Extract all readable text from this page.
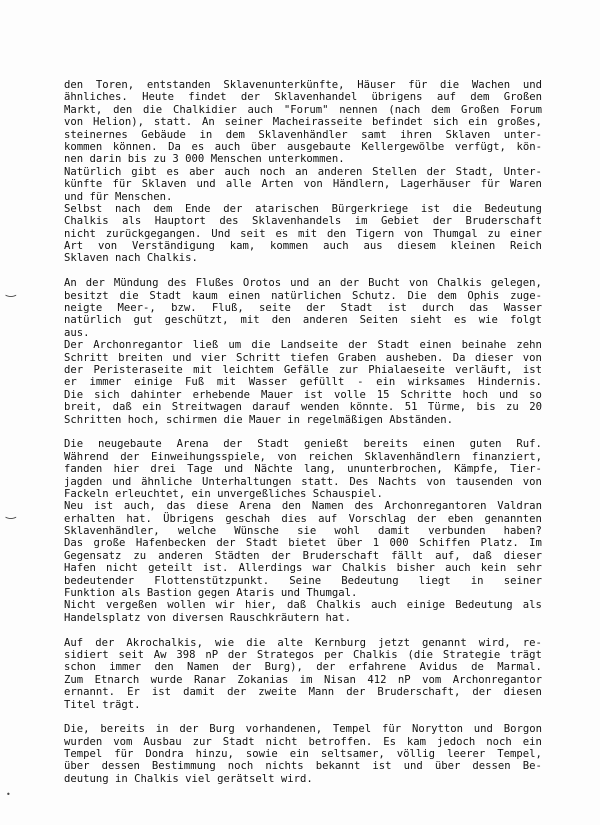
den Toren, entstanden Sklavenunterkünfte, Häuser für die Wachen und
ähnliches. Heute findet der Sklavenhandel übrigens auf dem Großen
Markt, den die Chalkidier auch "Forum" nennen (nach dem Großen Forum
von Helion), statt. An seiner Macheirasseite befindet sich ein großes,
steinernes Gebäude in dem Sklavenhändler samt ihren Sklaven unter-
kommen können. Da es auch über ausgebaute Kellergewölbe verfügt, kön-
nen darin bis zu 3 000 Menschen unterkommen.
Natürlich gibt es aber auch noch an anderen Stellen der Stadt, Unter-
künfte für Sklaven und alle Arten von Händlern, Lagerhäuser für Waren
und für Menschen.
Selbst nach dem Ende der atarischen Bürgerkriege ist die Bedeutung
Chalkis als Hauptort des Sklavenhandels im Gebiet der Bruderschaft
nicht zurückgegangen. Und seit es mit den Tigern von Thumgal zu einer
Art von Verständigung kam, kommen auch aus diesem kleinen Reich
Sklaven nach Chalkis.
An der Mündung des Flußes Orotos und an der Bucht von Chalkis gelegen,
besitzt die Stadt kaum einen natürlichen Schutz. Die dem Ophis zuge-
neigte Meer-, bzw. Fluß, seite der Stadt ist durch das Wasser
natürlich gut geschützt, mit den anderen Seiten sieht es wie folgt
aus.
Der Archonregantor ließ um die Landseite der Stadt einen beinahe zehn
Schritt breiten und vier Schritt tiefen Graben ausheben. Da dieser von
der Peristeraseite mit leichtem Gefälle zur Phialaeseite verläuft, ist
er immer einige Fuß mit Wasser gefüllt - ein wirksames Hindernis.
Die sich dahinter erhebende Mauer ist volle 15 Schritte hoch und so
breit, daß ein Streitwagen darauf wenden könnte. 51 Türme, bis zu 20
Schritten hoch, schirmen die Mauer in regelmäßigen Abständen.
Die neugebaute Arena der Stadt genießt bereits einen guten Ruf.
Während der Einweihungsspiele, von reichen Sklavenhändlern finanziert,
fanden hier drei Tage und Nächte lang, ununterbrochen, Kämpfe, Tier-
jagden und ähnliche Unterhaltungen statt. Des Nachts von tausenden von
Fackeln erleuchtet, ein unvergeßliches Schauspiel.
Neu ist auch, das diese Arena den Namen des Archonregantoren Valdran
erhalten hat. Übrigens geschah dies auf Vorschlag der eben genannten
Sklavenhändler, welche Wünsche sie wohl damit verbunden haben?
Das große Hafenbecken der Stadt bietet über 1 000 Schiffen Platz. Im
Gegensatz zu anderen Städten der Bruderschaft fällt auf, daß dieser
Hafen nicht geteilt ist. Allerdings war Chalkis bisher auch kein sehr
bedeutender Flottenstützpunkt. Seine Bedeutung liegt in seiner
Funktion als Bastion gegen Ataris und Thumgal.
Nicht vergeßen wollen wir hier, daß Chalkis auch einige Bedeutung als
Handelsplatz von diversen Rauschkräutern hat.
Auf der Akrochalkis, wie die alte Kernburg jetzt genannt wird, re-
sidiert seit Aw 398 nP der Strategos per Chalkis (die Strategie trägt
schon immer den Namen der Burg), der erfahrene Avidus de Marmal.
Zum Etnarch wurde Ranar Zokanias im Nisan 412 nP vom Archonregantor
ernannt. Er ist damit der zweite Mann der Bruderschaft, der diesen
Titel trägt.
Die, bereits in der Burg vorhandenen, Tempel für Norytton und Borgon
wurden vom Ausbau zur Stadt nicht betroffen. Es kam jedoch noch ein
Tempel für Dondra hinzu, sowie ein seltsamer, völlig leerer Tempel,
über dessen Bestimmung noch nichts bekannt ist und über dessen Be-
deutung in Chalkis viel gerätselt wird.
‿
‿
•
